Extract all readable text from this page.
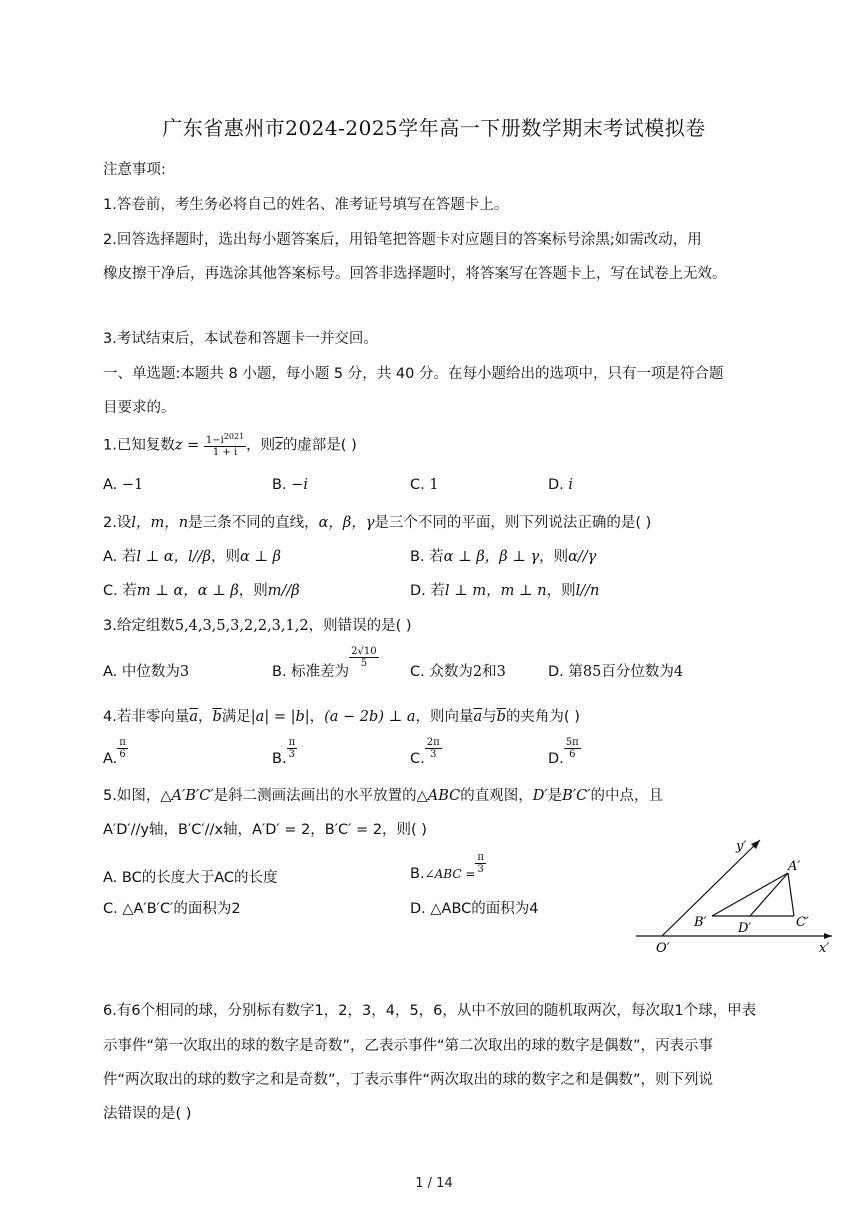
广东省惠州市2024-2025学年高一下册数学期末考试模拟卷
注意事项:
1.答卷前，考生务必将自己的姓名、准考证号填写在答题卡上。
2.回答选择题时，选出每小题答案后，用铅笔把答题卡对应题目的答案标号涂黑;如需改动，用
橡皮擦干净后，再选涂其他答案标号。回答非选择题时，将答案写在答题卡上，写在试卷上无效。
3.考试结束后，本试卷和答题卡一并交回。
一、单选题:本题共 8 小题，每小题 5 分，共 40 分。在每小题给出的选项中，只有一项是符合题
目要求的。
1.已知复数$z = \frac{1-i^{2021}}{1 + i}$ ，则$\overline{z}$的虚部是( )
A. −1	B. −i	C. 1	D. i
2.设l，m，n是三条不同的直线，α，β，γ是三个不同的平面，则下列说法正确的是( )
A. 若l ⊥ α，l//β，则α ⊥ β	B. 若α ⊥ β，β ⊥ γ，则α//γ
C. 若m ⊥ α，α ⊥ β，则m//β	D. 若l ⊥ m，m ⊥ n，则l//n
3.给定组数5,4,3,5,3,2,2,3,1,2，则错误的是( )
A. 中位数为3	B. 标准差为
$\frac{2√10}{5}$
C. 众数为2和3	D. 第85百分位数为4
4.若非零向量$\overline{a}$，$\overline{b}$满足|a| = |b|，(a − 2b) ⊥ a，则向量$\overline{a}$与$\overline{b}$的夹角为( )
A. $\frac{\pi}{6}$	B. $\frac{\pi}{3}$	C. $\frac{2\pi}{3}$	D. $\frac{5\pi}{6}$
5.如图，△A′B′C′是斜二测画法画出的水平放置的△ABC的直观图，D′是B′C′的中点，且
A′D′//y轴，B′C′//x轴，A′D′ = 2，B′C′ = 2，则( )
A. BC的长度大于AC的长度	B.∠ABC = $\frac{\pi}{3}$
C. △A′B′C′的面积为2	D. △ABC的面积为4
y′
x′
O′
A′
B′	C′
D′
6.有6个相同的球，分别标有数字1，2，3，4，5，6，从中不放回的随机取两次，每次取1个球，甲表
示事件“第一次取出的球的数字是奇数”，乙表示事件“第二次取出的球的数字是偶数”，丙表示事
件“两次取出的球的数字之和是奇数”，丁表示事件“两次取出的球的数字之和是偶数”，则下列说
法错误的是( )
1 / 14
